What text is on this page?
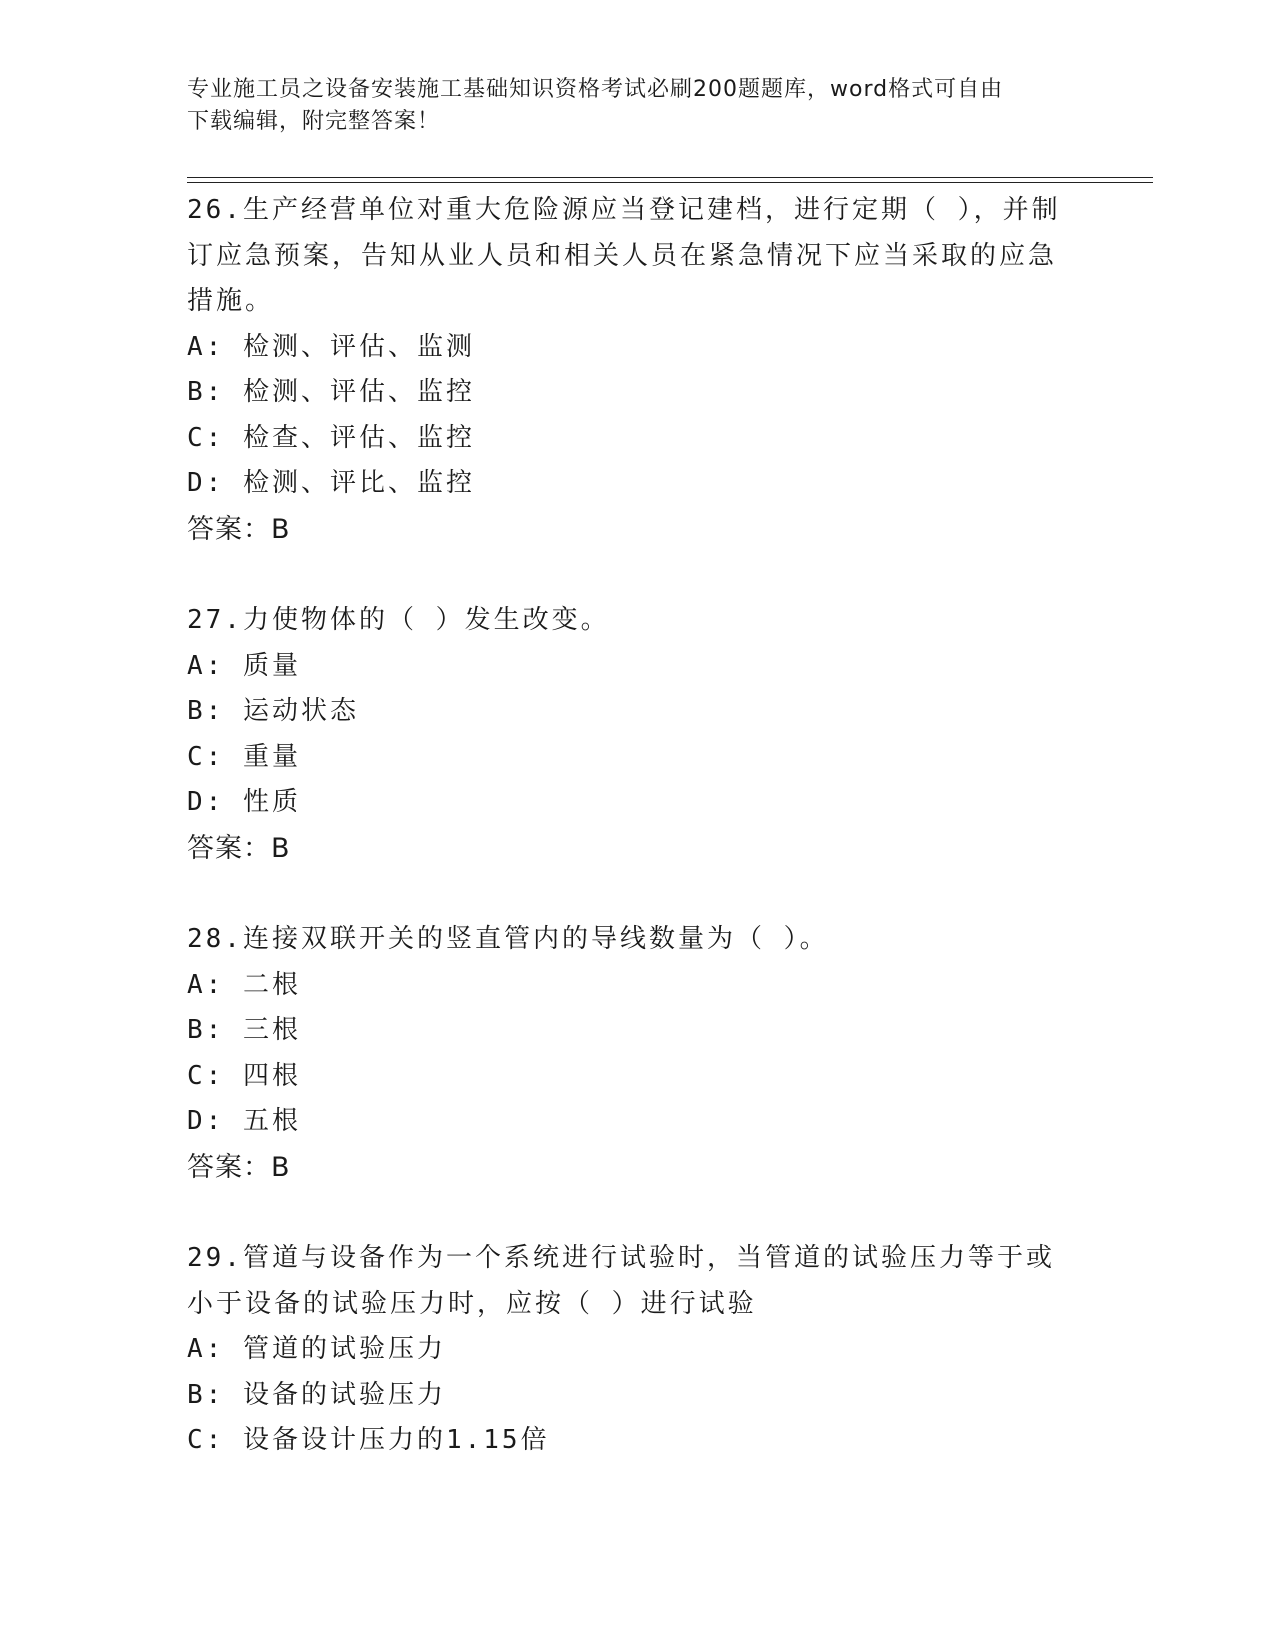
专业施工员之设备安装施工基础知识资格考试必刷200题题库，word格式可自由
下载编辑，附完整答案！

26.生产经营单位对重大危险源应当登记建档，进行定期（ ），并制订应急预案，告知从业人员和相关人员在紧急情况下应当采取的应急措施。

A: 检测、评估、监测

B: 检测、评估、监控

C: 检查、评估、监控

D: 检测、评比、监控

答案：B

27.力使物体的（ ）发生改变。

A: 质量

B: 运动状态

C: 重量

D: 性质

答案：B

28.连接双联开关的竖直管内的导线数量为（ ）。

A: 二根

B: 三根

C: 四根

D: 五根

答案：B

29.管道与设备作为一个系统进行试验时，当管道的试验压力等于或小于设备的试验压力时，应按（ ）进行试验

A: 管道的试验压力

B: 设备的试验压力

C: 设备设计压力的1.15倍
